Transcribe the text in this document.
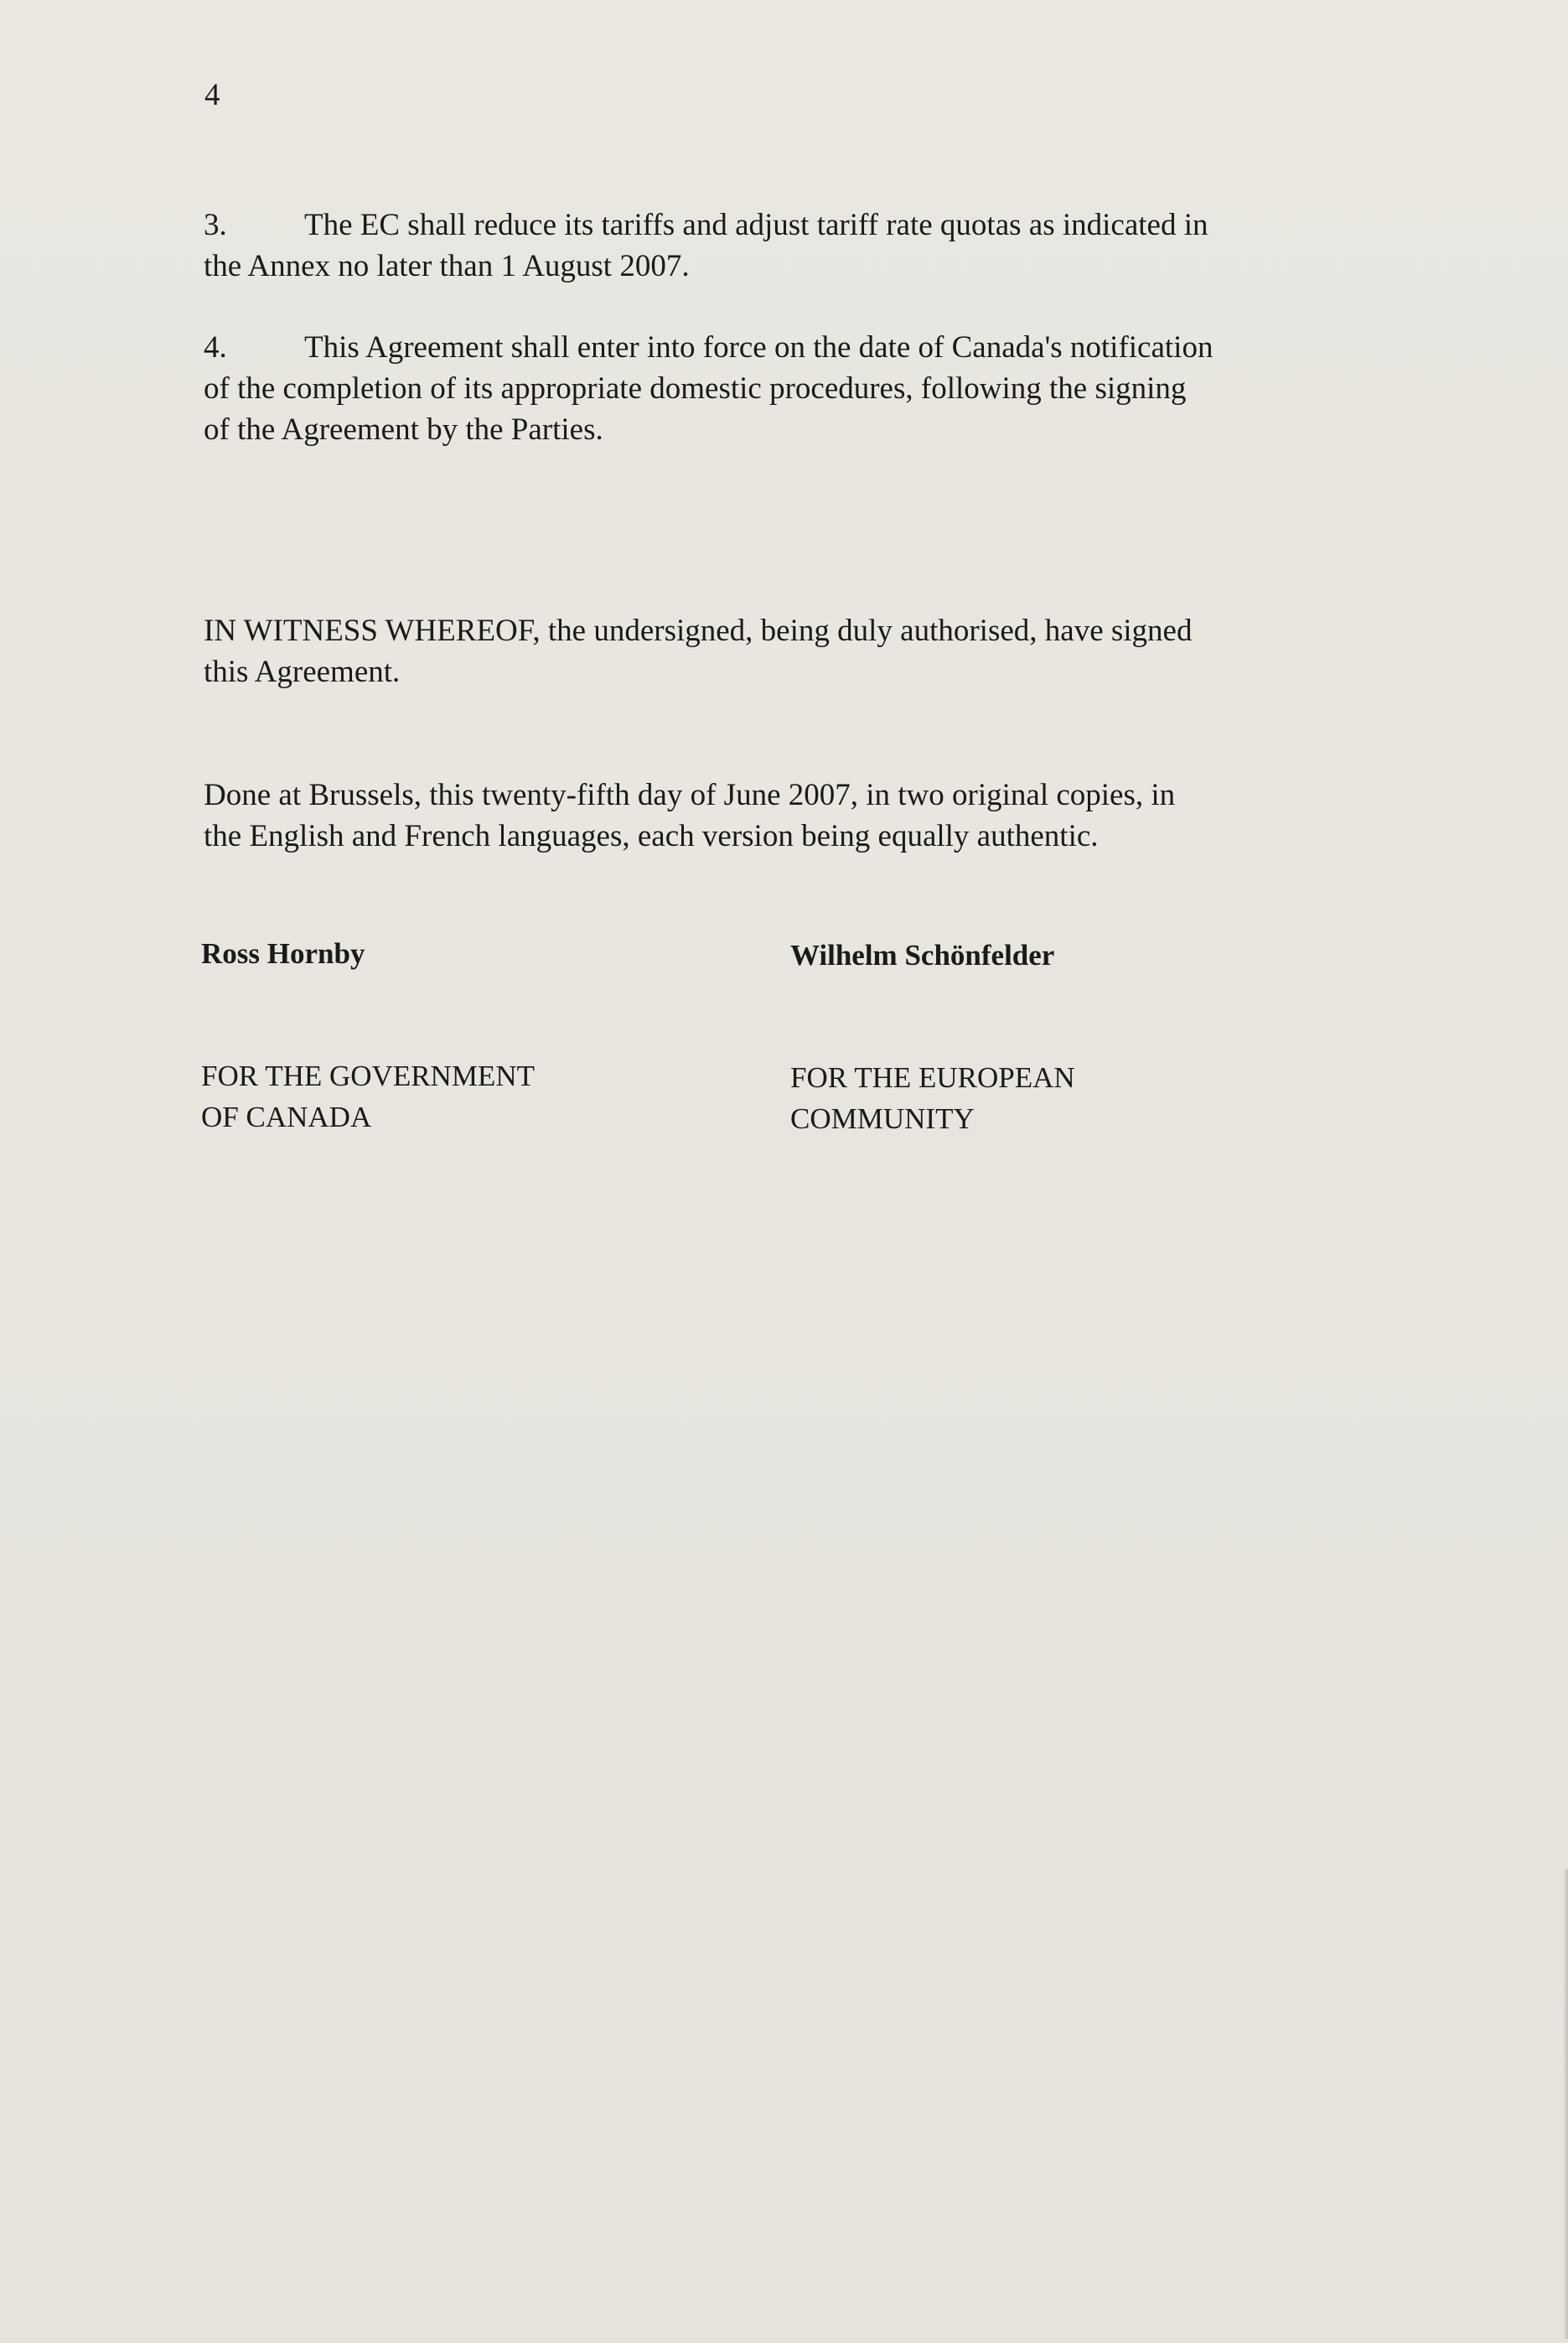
4
3. The EC shall reduce its tariffs and adjust tariff rate quotas as indicated in
the Annex no later than 1 August 2007.
4. This Agreement shall enter into force on the date of Canada's notification
of the completion of its appropriate domestic procedures, following the signing
of the Agreement by the Parties.
IN WITNESS WHEREOF, the undersigned, being duly authorised, have signed
this Agreement.
Done at Brussels, this twenty-fifth day of June 2007, in two original copies, in
the English and French languages, each version being equally authentic.
Ross Hornby	Wilhelm Schönfelder
FOR THE GOVERNMENT
OF CANADA
FOR THE EUROPEAN
COMMUNITY
